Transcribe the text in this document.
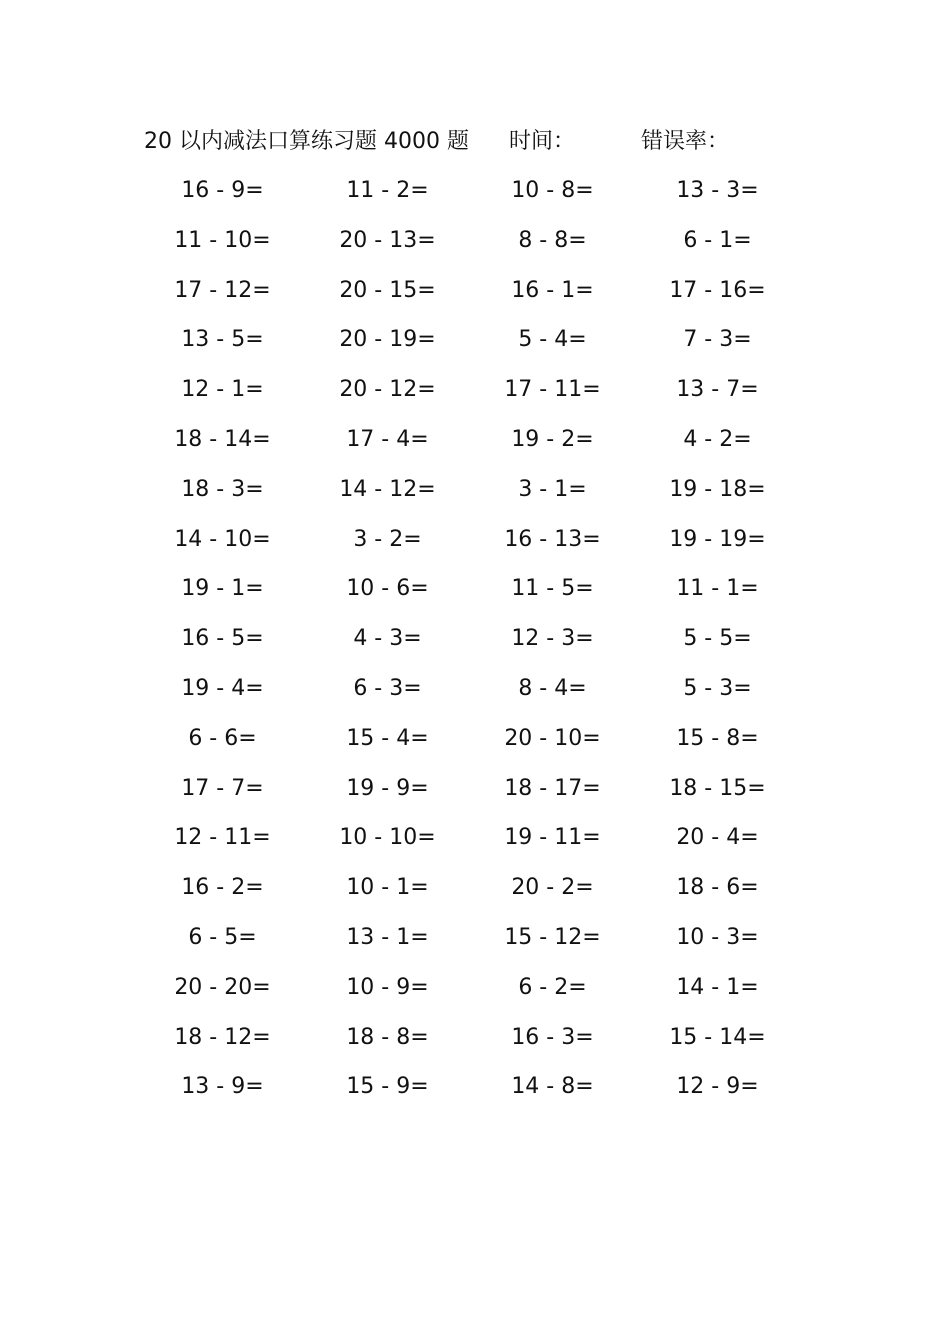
20 以内减法口算练习题 4000 题 时间：	错误率：
16 - 9=	11 - 2=	10 - 8=	13 - 3=
11 - 10=	20 - 13=	8 - 8=	6 - 1=
17 - 12=	20 - 15=	16 - 1=	17 - 16=
13 - 5=	20 - 19=	5 - 4=	7 - 3=
12 - 1=	20 - 12=	17 - 11=	13 - 7=
18 - 14=	17 - 4=	19 - 2=	4 - 2=
18 - 3=	14 - 12=	3 - 1=	19 - 18=
14 - 10=	3 - 2=	16 - 13=	19 - 19=
19 - 1=	10 - 6=	11 - 5=	11 - 1=
16 - 5=	4 - 3=	12 - 3=	5 - 5=
19 - 4=	6 - 3=	8 - 4=	5 - 3=
6 - 6=	15 - 4=	20 - 10=	15 - 8=
17 - 7=	19 - 9=	18 - 17=	18 - 15=
12 - 11=	10 - 10=	19 - 11=	20 - 4=
16 - 2=	10 - 1=	20 - 2=	18 - 6=
6 - 5=	13 - 1=	15 - 12=	10 - 3=
20 - 20=	10 - 9=	6 - 2=	14 - 1=
18 - 12=	18 - 8=	16 - 3=	15 - 14=
13 - 9=	15 - 9=	14 - 8=	12 - 9=
